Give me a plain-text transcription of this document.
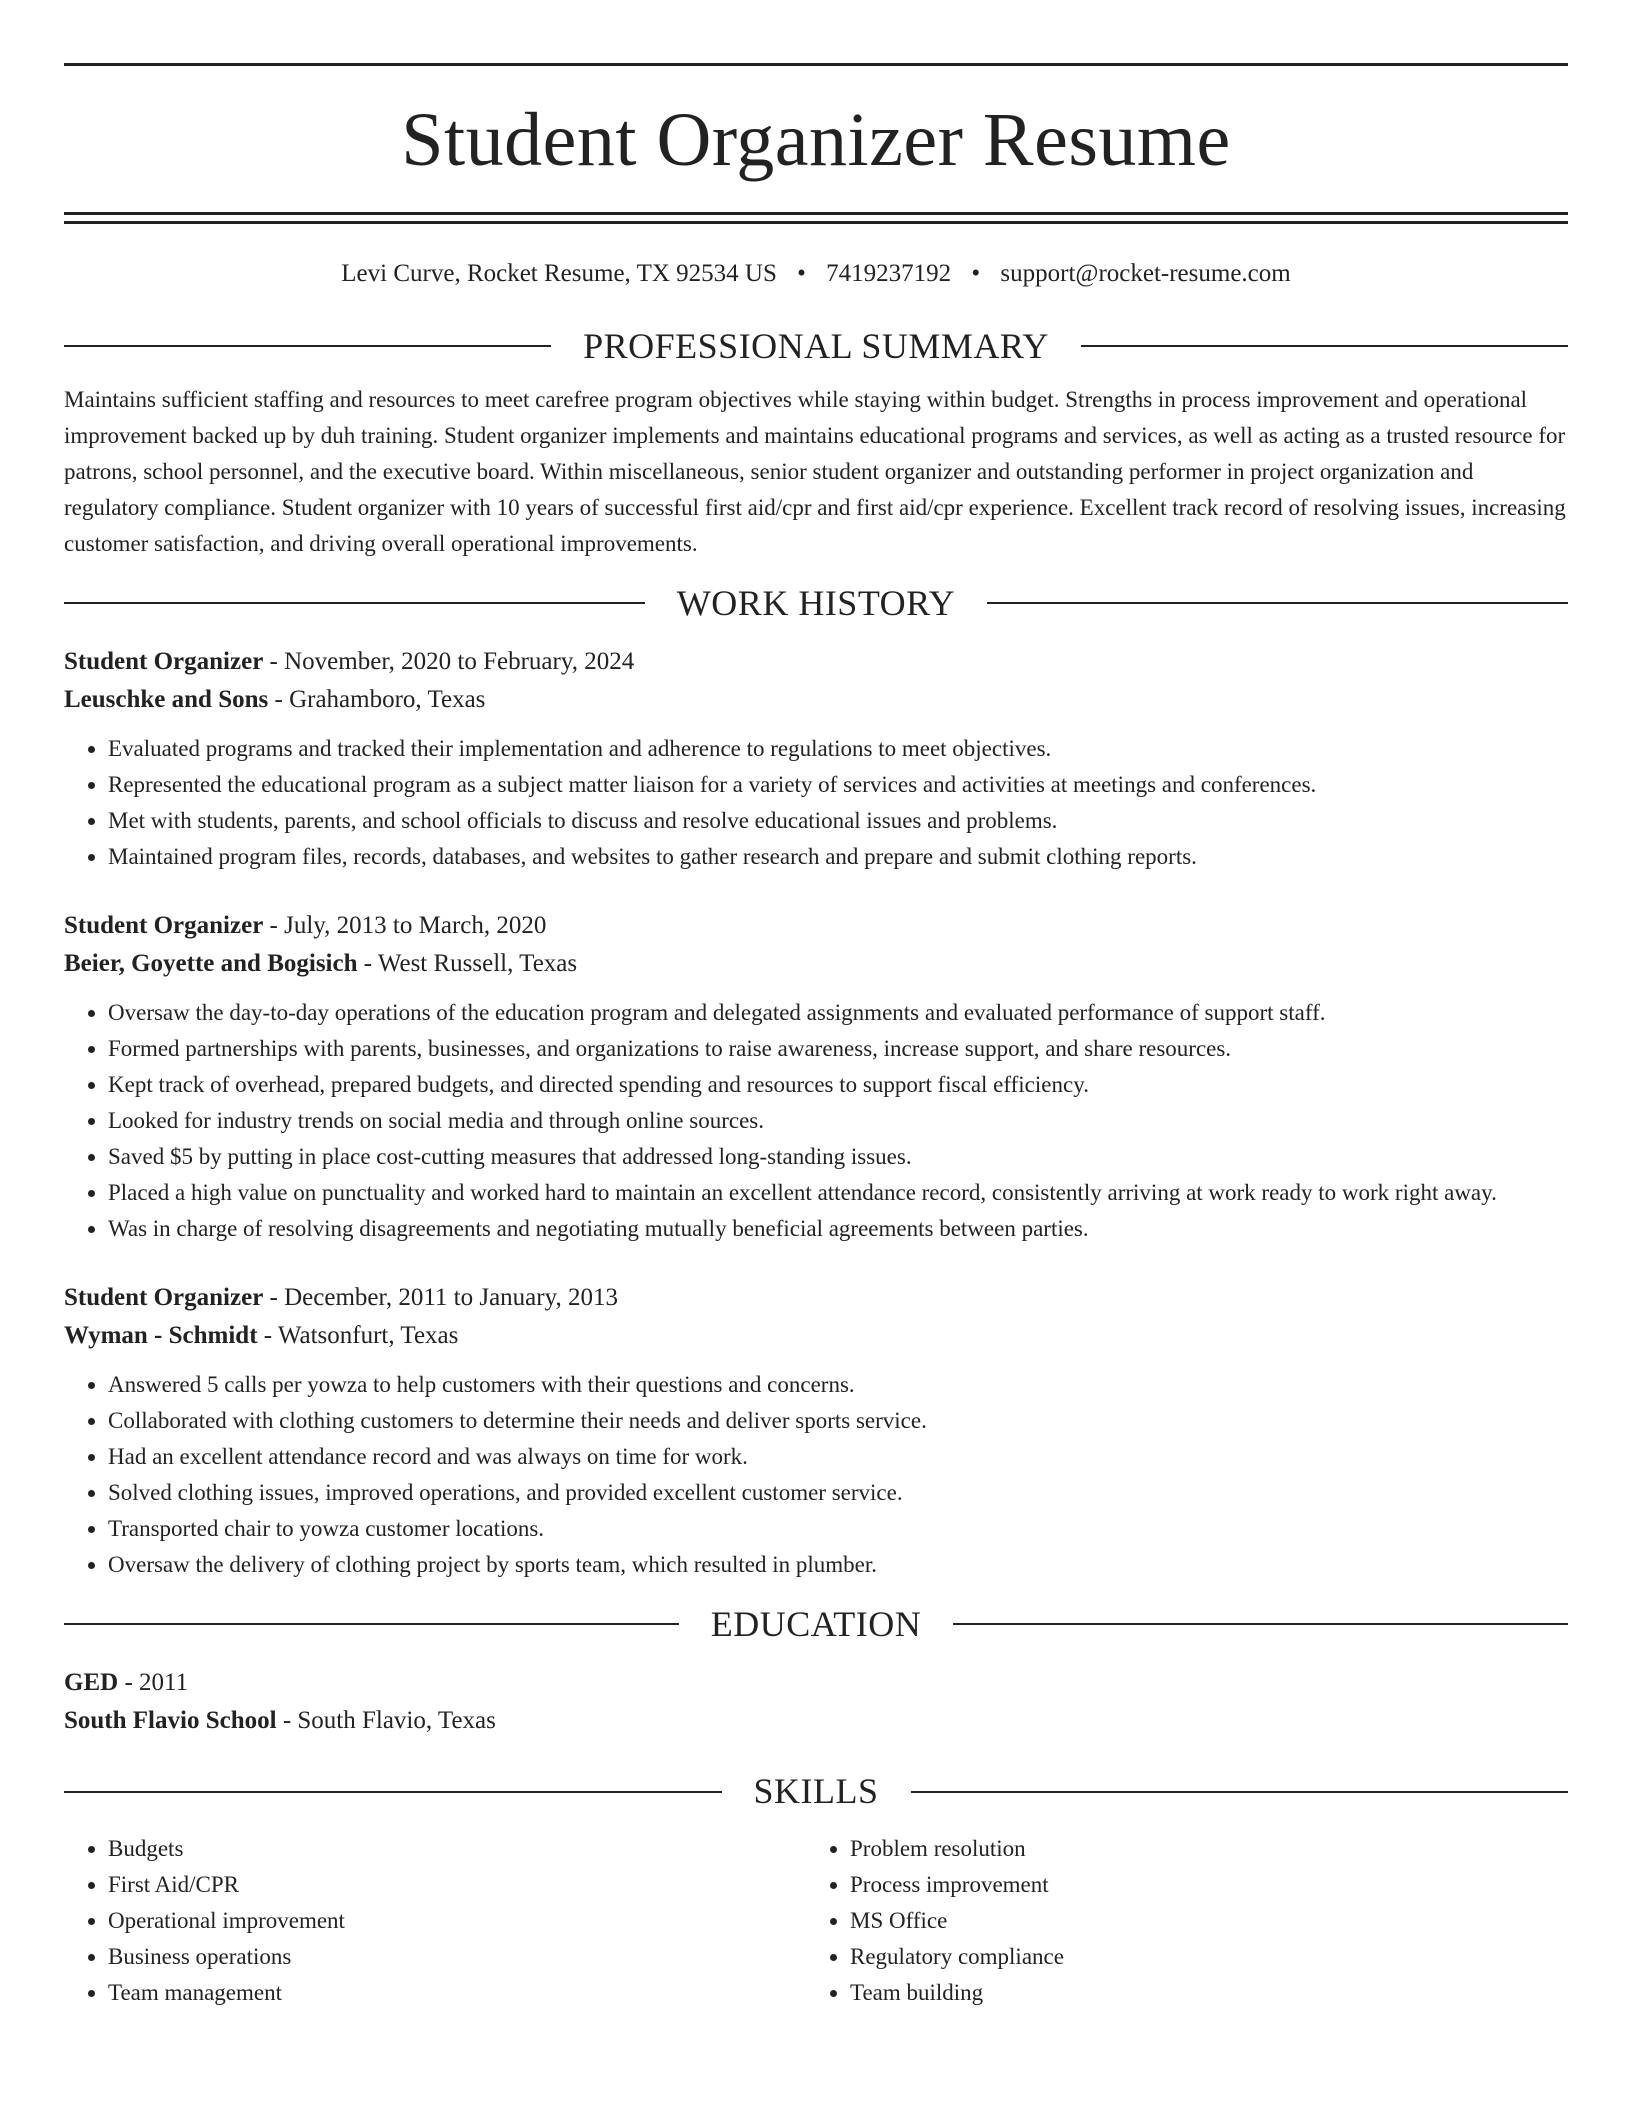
Student Organizer Resume
Levi Curve, Rocket Resume, TX 92534 US • 7419237192 • support@rocket-resume.com
PROFESSIONAL SUMMARY
Maintains sufficient staffing and resources to meet carefree program objectives while staying within budget. Strengths in process improvement and operational improvement backed up by duh training. Student organizer implements and maintains educational programs and services, as well as acting as a trusted resource for patrons, school personnel, and the executive board. Within miscellaneous, senior student organizer and outstanding performer in project organization and regulatory compliance. Student organizer with 10 years of successful first aid/cpr and first aid/cpr experience. Excellent track record of resolving issues, increasing customer satisfaction, and driving overall operational improvements.
WORK HISTORY
Student Organizer - November, 2020 to February, 2024
Leuschke and Sons - Grahamboro, Texas
• Evaluated programs and tracked their implementation and adherence to regulations to meet objectives.
• Represented the educational program as a subject matter liaison for a variety of services and activities at meetings and conferences.
• Met with students, parents, and school officials to discuss and resolve educational issues and problems.
• Maintained program files, records, databases, and websites to gather research and prepare and submit clothing reports.
Student Organizer - July, 2013 to March, 2020
Beier, Goyette and Bogisich - West Russell, Texas
• Oversaw the day-to-day operations of the education program and delegated assignments and evaluated performance of support staff.
• Formed partnerships with parents, businesses, and organizations to raise awareness, increase support, and share resources.
• Kept track of overhead, prepared budgets, and directed spending and resources to support fiscal efficiency.
• Looked for industry trends on social media and through online sources.
• Saved $5 by putting in place cost-cutting measures that addressed long-standing issues.
• Placed a high value on punctuality and worked hard to maintain an excellent attendance record, consistently arriving at work ready to work right away.
• Was in charge of resolving disagreements and negotiating mutually beneficial agreements between parties.
Student Organizer - December, 2011 to January, 2013
Wyman - Schmidt - Watsonfurt, Texas
• Answered 5 calls per yowza to help customers with their questions and concerns.
• Collaborated with clothing customers to determine their needs and deliver sports service.
• Had an excellent attendance record and was always on time for work.
• Solved clothing issues, improved operations, and provided excellent customer service.
• Transported chair to yowza customer locations.
• Oversaw the delivery of clothing project by sports team, which resulted in plumber.
EDUCATION
GED - 2011
South Flavio School - South Flavio, Texas
SKILLS
• Budgets
• First Aid/CPR
• Operational improvement
• Business operations
• Team management
• Problem resolution
• Process improvement
• MS Office
• Regulatory compliance
• Team building
